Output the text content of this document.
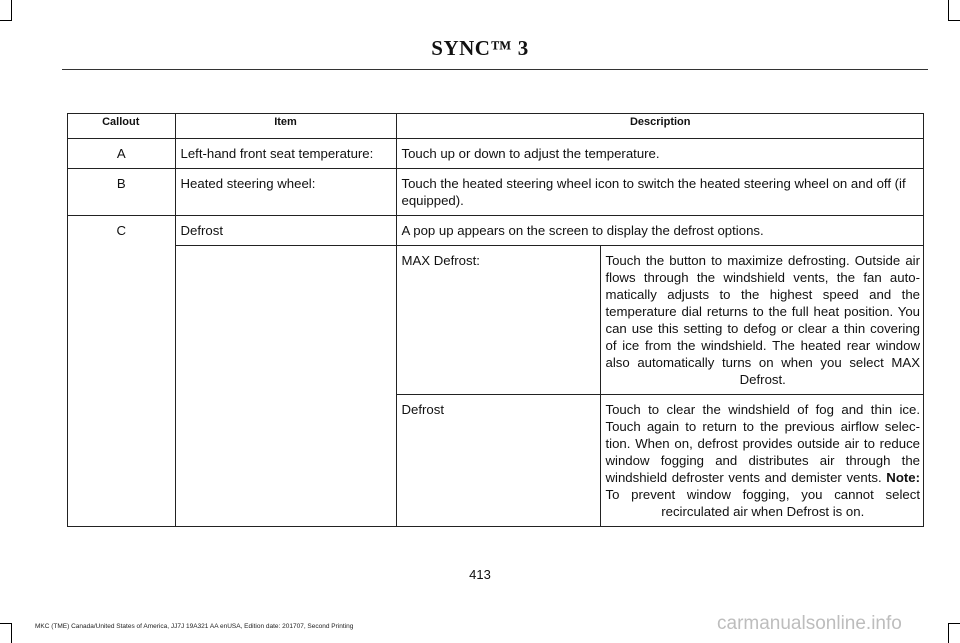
SYNC™ 3
Callout	Item	Description	
A	Left-hand front seat temperature:	Touch up or down to adjust the temperature.	
B	Heated steering wheel:	Touch the heated steering wheel icon to switch the heated steering wheel on and off (if equipped).	
C	Defrost	A pop up appears on the screen to display the defrost options.	
		MAX Defrost:	Touch the button to maximize defrosting. Outside air flows through the windshield vents, the fan auto-matically adjusts to the highest speed and the temperature dial returns to the full heat position. You can use this setting to defog or clear a thin covering of ice from the windshield. The heated rear window also automatically turns on when you select MAX Defrost.
		Defrost	Touch to clear the windshield of fog and thin ice. Touch again to return to the previous airflow selec-tion. When on, defrost provides outside air to reduce window fogging and distributes air through the windshield defroster vents and demister vents. Note: To prevent window fogging, you cannot select recirculated air when Defrost is on.
413
MKC (TME) Canada/United States of America, JJ7J 19A321 AA enUSA, Edition date: 201707, Second Printing	carmanualsonline.info
